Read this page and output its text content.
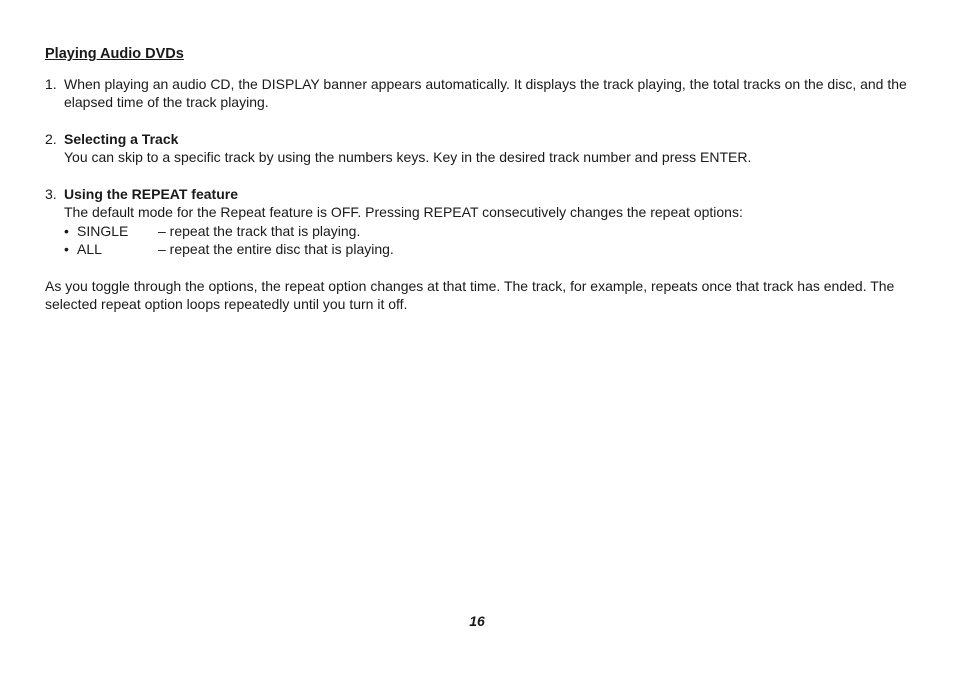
Playing Audio DVDs
1. When playing an audio CD, the DISPLAY banner appears automatically. It displays the track playing, the total tracks on the disc, and the elapsed time of the track playing.
2. Selecting a Track
You can skip to a specific track by using the numbers keys. Key in the desired track number and press ENTER.
3. Using the REPEAT feature
The default mode for the Repeat feature is OFF. Pressing REPEAT consecutively changes the repeat options:
• SINGLE – repeat the track that is playing.
• ALL	– repeat the entire disc that is playing.

As you toggle through the options, the repeat option changes at that time. The track, for example, repeats once that track has ended. The selected repeat option loops repeatedly until you turn it off.

16
